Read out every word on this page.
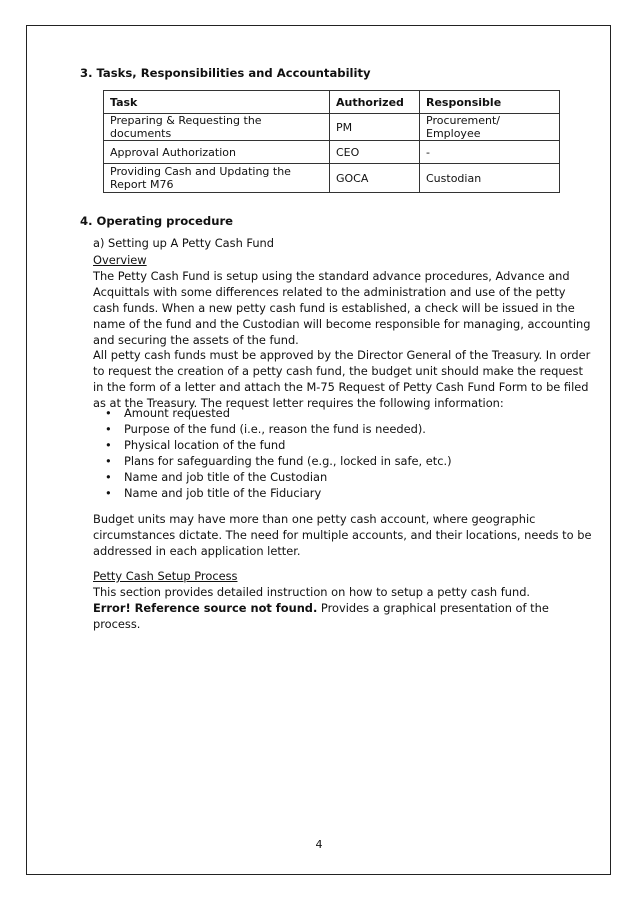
3. Tasks, Responsibilities and Accountability
Task	Authorized	Responsible
Preparing & Requesting the documents	PM	Procurement/ Employee
Approval Authorization	CEO	-
Providing Cash and Updating the Report M76	GOCA	Custodian
4. Operating procedure
a) Setting up A Petty Cash Fund
Overview
The Petty Cash Fund is setup using the standard advance procedures, Advance and Acquittals with some differences related to the administration and use of the petty cash funds. When a new petty cash fund is established, a check will be issued in the name of the fund and the Custodian will become responsible for managing, accounting and securing the assets of the fund.
All petty cash funds must be approved by the Director General of the Treasury. In order to request the creation of a petty cash fund, the budget unit should make the request in the form of a letter and attach the M-75 Request of Petty Cash Fund Form to be filed as at the Treasury. The request letter requires the following information:
• Amount requested
• Purpose of the fund (i.e., reason the fund is needed).
• Physical location of the fund
• Plans for safeguarding the fund (e.g., locked in safe, etc.)
• Name and job title of the Custodian
• Name and job title of the Fiduciary
Budget units may have more than one petty cash account, where geographic circumstances dictate. The need for multiple accounts, and their locations, needs to be addressed in each application letter.
Petty Cash Setup Process
This section provides detailed instruction on how to setup a petty cash fund.
Error! Reference source not found. Provides a graphical presentation of the process.
4
